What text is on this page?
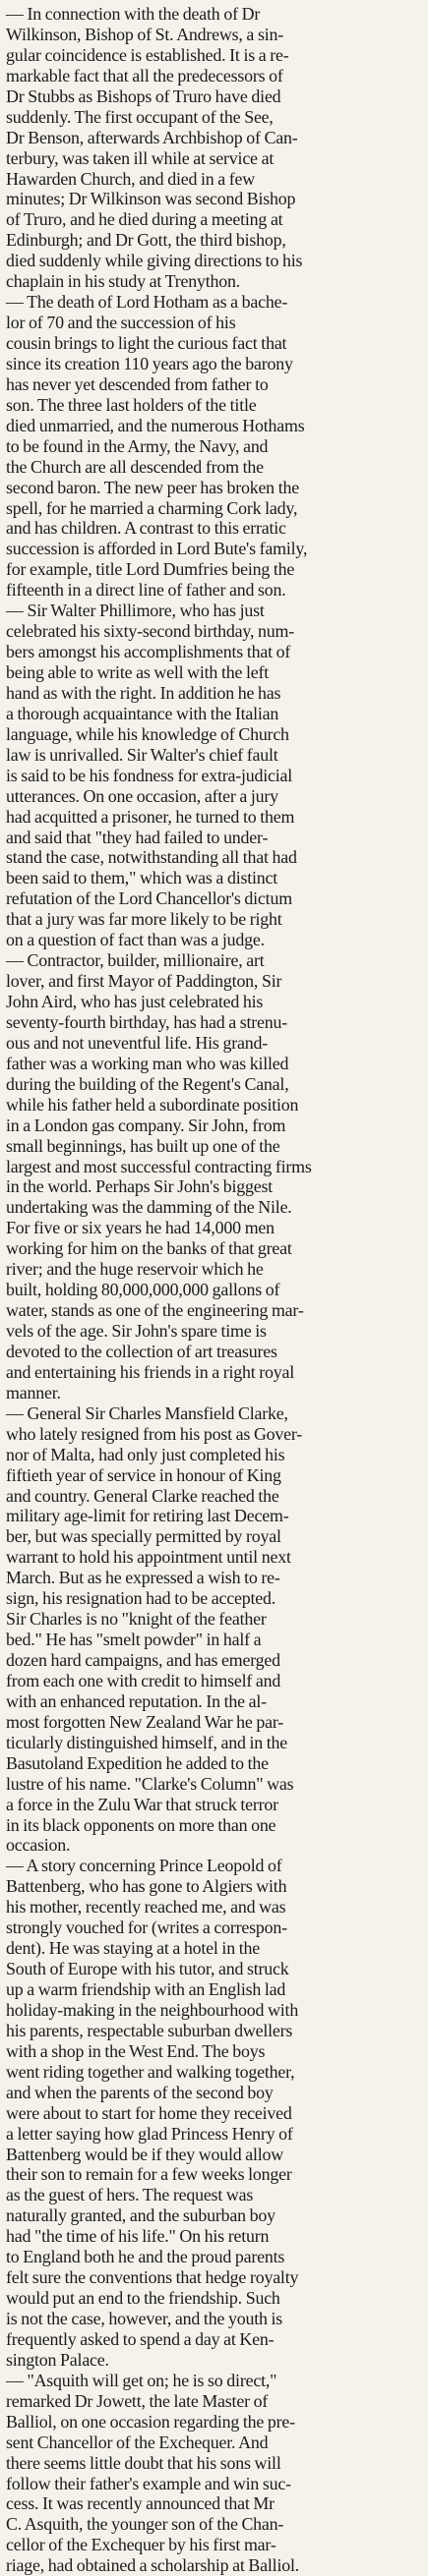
— In connection with the death of Dr
Wilkinson, Bishop of St. Andrews, a sin-
gular coincidence is established. It is a re-
markable fact that all the predecessors of
Dr Stubbs as Bishops of Truro have died
suddenly. The first occupant of the See,
Dr Benson, afterwards Archbishop of Can-
terbury, was taken ill while at service at
Hawarden Church, and died in a few
minutes; Dr Wilkinson was second Bishop
of Truro, and he died during a meeting at
Edinburgh; and Dr Gott, the third bishop,
died suddenly while giving directions to his
chaplain in his study at Trenython.

— The death of Lord Hotham as a bache-
lor of 70 and the succession of his
cousin brings to light the curious fact that
since its creation 110 years ago the barony
has never yet descended from father to
son. The three last holders of the title
died unmarried, and the numerous Hothams
to be found in the Army, the Navy, and
the Church are all descended from the
second baron. The new peer has broken the
spell, for he married a charming Cork lady,
and has children. A contrast to this erratic
succession is afforded in Lord Bute's family,
for example, title Lord Dumfries being the
fifteenth in a direct line of father and son.

— Sir Walter Phillimore, who has just
celebrated his sixty-second birthday, num-
bers amongst his accomplishments that of
being able to write as well with the left
hand as with the right. In addition he has
a thorough acquaintance with the Italian
language, while his knowledge of Church
law is unrivalled. Sir Walter's chief fault
is said to be his fondness for extra-judicial
utterances. On one occasion, after a jury
had acquitted a prisoner, he turned to them
and said that "they had failed to under-
stand the case, notwithstanding all that had
been said to them," which was a distinct
refutation of the Lord Chancellor's dictum
that a jury was far more likely to be right
on a question of fact than was a judge.

— Contractor, builder, millionaire, art
lover, and first Mayor of Paddington, Sir
John Aird, who has just celebrated his
seventy-fourth birthday, has had a strenu-
ous and not uneventful life. His grand-
father was a working man who was killed
during the building of the Regent's Canal,
while his father held a subordinate position
in a London gas company. Sir John, from
small beginnings, has built up one of the
largest and most successful contracting firms
in the world. Perhaps Sir John's biggest
undertaking was the damming of the Nile.
For five or six years he had 14,000 men
working for him on the banks of that great
river; and the huge reservoir which he
built, holding 80,000,000,000 gallons of
water, stands as one of the engineering mar-
vels of the age. Sir John's spare time is
devoted to the collection of art treasures
and entertaining his friends in a right royal
manner.

— General Sir Charles Mansfield Clarke,
who lately resigned from his post as Gover-
nor of Malta, had only just completed his
fiftieth year of service in honour of King
and country. General Clarke reached the
military age-limit for retiring last Decem-
ber, but was specially permitted by royal
warrant to hold his appointment until next
March. But as he expressed a wish to re-
sign, his resignation had to be accepted.
Sir Charles is no "knight of the feather
bed." He has "smelt powder" in half a
dozen hard campaigns, and has emerged
from each one with credit to himself and
with an enhanced reputation. In the al-
most forgotten New Zealand War he par-
ticularly distinguished himself, and in the
Basutoland Expedition he added to the
lustre of his name. "Clarke's Column" was
a force in the Zulu War that struck terror
in its black opponents on more than one
occasion.

— A story concerning Prince Leopold of
Battenberg, who has gone to Algiers with
his mother, recently reached me, and was
strongly vouched for (writes a correspon-
dent). He was staying at a hotel in the
South of Europe with his tutor, and struck
up a warm friendship with an English lad
holiday-making in the neighbourhood with
his parents, respectable suburban dwellers
with a shop in the West End. The boys
went riding together and walking together,
and when the parents of the second boy
were about to start for home they received
a letter saying how glad Princess Henry of
Battenberg would be if they would allow
their son to remain for a few weeks longer
as the guest of hers. The request was
naturally granted, and the suburban boy
had "the time of his life." On his return
to England both he and the proud parents
felt sure the conventions that hedge royalty
would put an end to the friendship. Such
is not the case, however, and the youth is
frequently asked to spend a day at Ken-
sington Palace.

— "Asquith will get on; he is so direct,"
remarked Dr Jowett, the late Master of
Balliol, on one occasion regarding the pre-
sent Chancellor of the Exchequer. And
there seems little doubt that his sons will
follow their father's example and win suc-
cess. It was recently announced that Mr
C. Asquith, the younger son of the Chan-
cellor of the Exchequer by his first mar-
riage, had obtained a scholarship at Balliol.
